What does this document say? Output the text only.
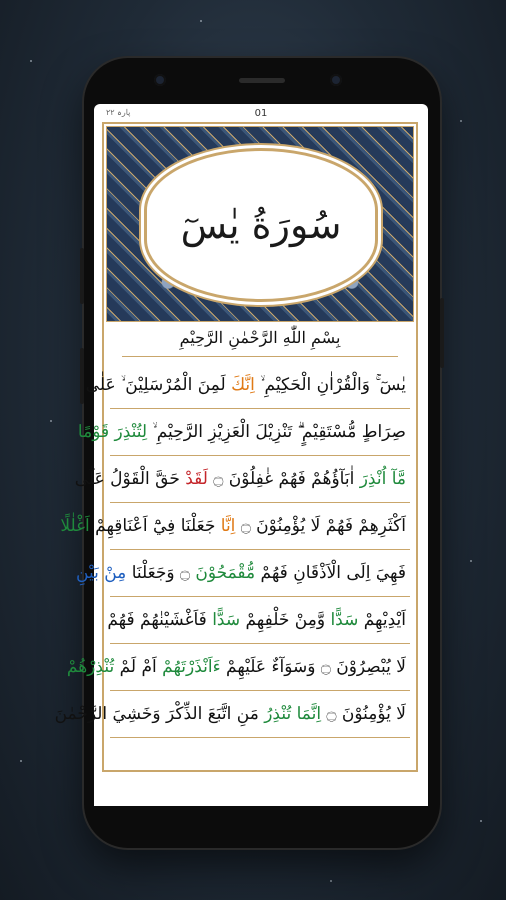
پارہ ۲۲	01
سُورَةُ يٰسٓ
بِسْمِ اللّٰهِ الرَّحْمٰنِ الرَّحِيْمِ
يٰسٓ ۚ وَالْقُرْاٰنِ الْحَكِيْمِ ۙ اِنَّكَ لَمِنَ الْمُرْسَلِيْنَ ۙ عَلٰى
صِرَاطٍ مُّسْتَقِيْمٍ ۗ تَنْزِيْلَ الْعَزِيْزِ الرَّحِيْمِ ۙ لِتُنْذِرَ قَوْمًا
مَّآ اُنْذِرَ اٰبَآؤُهُمْ فَهُمْ غٰفِلُوْنَ ۝ لَقَدْ حَقَّ الْقَوْلُ عَلٰٓى
اَكْثَرِهِمْ فَهُمْ لَا يُؤْمِنُوْنَ ۝ اِنَّا جَعَلْنَا فِيْٓ اَعْنَاقِهِمْ اَغْلٰلًا
فَهِيَ اِلَى الْاَذْقَانِ فَهُمْ مُّقْمَحُوْنَ ۝ وَجَعَلْنَا مِنْ بَيْنِ
اَيْدِيْهِمْ سَدًّا وَّمِنْ خَلْفِهِمْ سَدًّا فَاَغْشَيْنٰهُمْ فَهُمْ
لَا يُبْصِرُوْنَ ۝ وَسَوَآءٌ عَلَيْهِمْ ءَاَنْذَرْتَهُمْ اَمْ لَمْ تُنْذِرْهُمْ
لَا يُؤْمِنُوْنَ ۝ اِنَّمَا تُنْذِرُ مَنِ اتَّبَعَ الذِّكْرَ وَخَشِيَ الرَّحْمٰنَ
